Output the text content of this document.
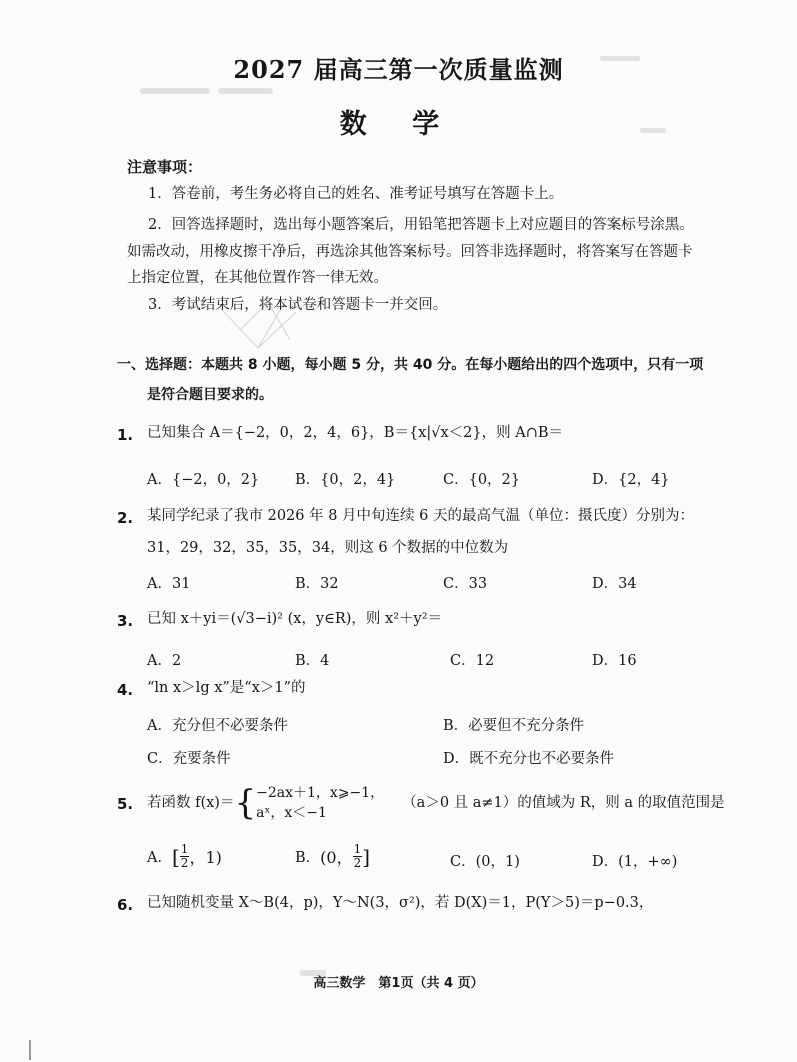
2027 届高三第一次质量监测
数 学
注意事项：
1．答卷前，考生务必将自己的姓名、准考证号填写在答题卡上。
2．回答选择题时，选出每小题答案后，用铅笔把答题卡上对应题目的答案标号涂黑。
如需改动，用橡皮擦干净后，再选涂其他答案标号。回答非选择题时，将答案写在答题卡
上指定位置，在其他位置作答一律无效。
3．考试结束后，将本试卷和答题卡一并交回。
一、选择题：本题共 8 小题，每小题 5 分，共 40 分。在每小题给出的四个选项中，只有一项
是符合题目要求的。
1. 已知集合 A＝{−2，0，2，4，6}，B＝{x|√x＜2}，则 A∩B＝
A．{−2，0，2} B．{0，2，4}	C．{0，2}	D．{2，4}
2. 某同学纪录了我市 2026 年 8 月中旬连续 6 天的最高气温（单位：摄氏度）分别为：
31，29，32，35，35，34，则这 6 个数据的中位数为
A．31	B．32	C．33	D．34
3. 已知 x＋yi＝(√3−i)² (x，y∈R)，则 x²＋y²＝
A．2	B．4	C．12	D．16
4. “ln x＞lg x”是“x＞1”的
A．充分但不必要条件	B．必要但不充分条件
C．充要条件	D．既不充分也不必要条件
5. 若函数 f(x)＝ { −2ax＋1，x⩾−1，
aˣ，x＜−1
（a＞0 且 a≠1）的值域为 R，则 a 的取值范围是
A． [ $\frac{1}{2}$ ，1)	B． (0， $\frac{1}{2}$ ]	C．(0，1)	D．(1，+∞)
6. 已知随机变量 X～B(4，p)，Y～N(3，σ²)，若 D(X)＝1，P(Y＞5)＝p−0.3，
高三数学　第1页（共 4 页）
